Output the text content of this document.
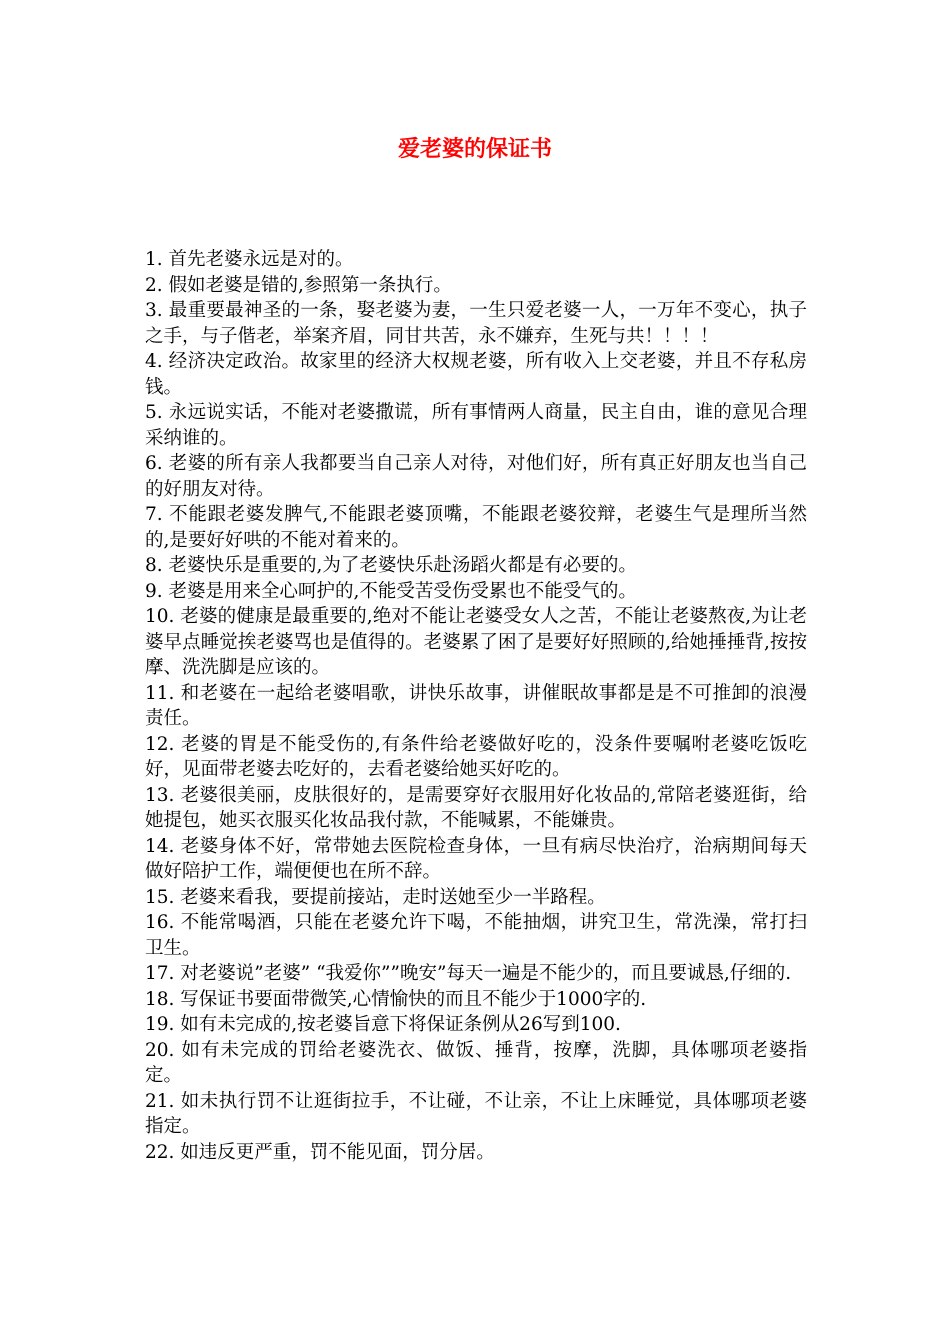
爱老婆的保证书
1. 首先老婆永远是对的。
2. 假如老婆是错的,参照第一条执行。
3. 最重要最神圣的一条，娶老婆为妻，一生只爱老婆一人，一万年不变心，执子之手，与子偕老，举案齐眉，同甘共苦，永不嫌弃，生死与共！！！！
4. 经济决定政治。故家里的经济大权规老婆，所有收入上交老婆，并且不存私房钱。
5. 永远说实话，不能对老婆撒谎，所有事情两人商量，民主自由，谁的意见合理采纳谁的。
6. 老婆的所有亲人我都要当自己亲人对待，对他们好，所有真正好朋友也当自己的好朋友对待。
7. 不能跟老婆发脾气,不能跟老婆顶嘴，不能跟老婆狡辩，老婆生气是理所当然的,是要好好哄的不能对着来的。
8. 老婆快乐是重要的,为了老婆快乐赴汤蹈火都是有必要的。
9. 老婆是用来全心呵护的,不能受苦受伤受累也不能受气的。
10. 老婆的健康是最重要的,绝对不能让老婆受女人之苦，不能让老婆熬夜,为让老婆早点睡觉挨老婆骂也是值得的。老婆累了困了是要好好照顾的,给她捶捶背,按按摩、洗洗脚是应该的。
11. 和老婆在一起给老婆唱歌，讲快乐故事，讲催眠故事都是是不可推卸的浪漫责任。
12. 老婆的胃是不能受伤的,有条件给老婆做好吃的，没条件要嘱咐老婆吃饭吃好，见面带老婆去吃好的，去看老婆给她买好吃的。
13. 老婆很美丽，皮肤很好的，是需要穿好衣服用好化妆品的,常陪老婆逛街，给她提包，她买衣服买化妆品我付款，不能喊累，不能嫌贵。
14. 老婆身体不好，常带她去医院检查身体，一旦有病尽快治疗，治病期间每天做好陪护工作，端便便也在所不辞。
15. 老婆来看我，要提前接站，走时送她至少一半路程。
16. 不能常喝酒，只能在老婆允许下喝，不能抽烟，讲究卫生，常洗澡，常打扫卫生。
17. 对老婆说”老婆” “我爱你””晚安”每天一遍是不能少的，而且要诚恳,仔细的.
18. 写保证书要面带微笑,心情愉快的而且不能少于1000字的.
19. 如有未完成的,按老婆旨意下将保证条例从26写到100.
20. 如有未完成的罚给老婆洗衣、做饭、捶背，按摩，洗脚，具体哪项老婆指定。
21. 如未执行罚不让逛街拉手，不让碰，不让亲，不让上床睡觉，具体哪项老婆指定。
22. 如违反更严重，罚不能见面，罚分居。
